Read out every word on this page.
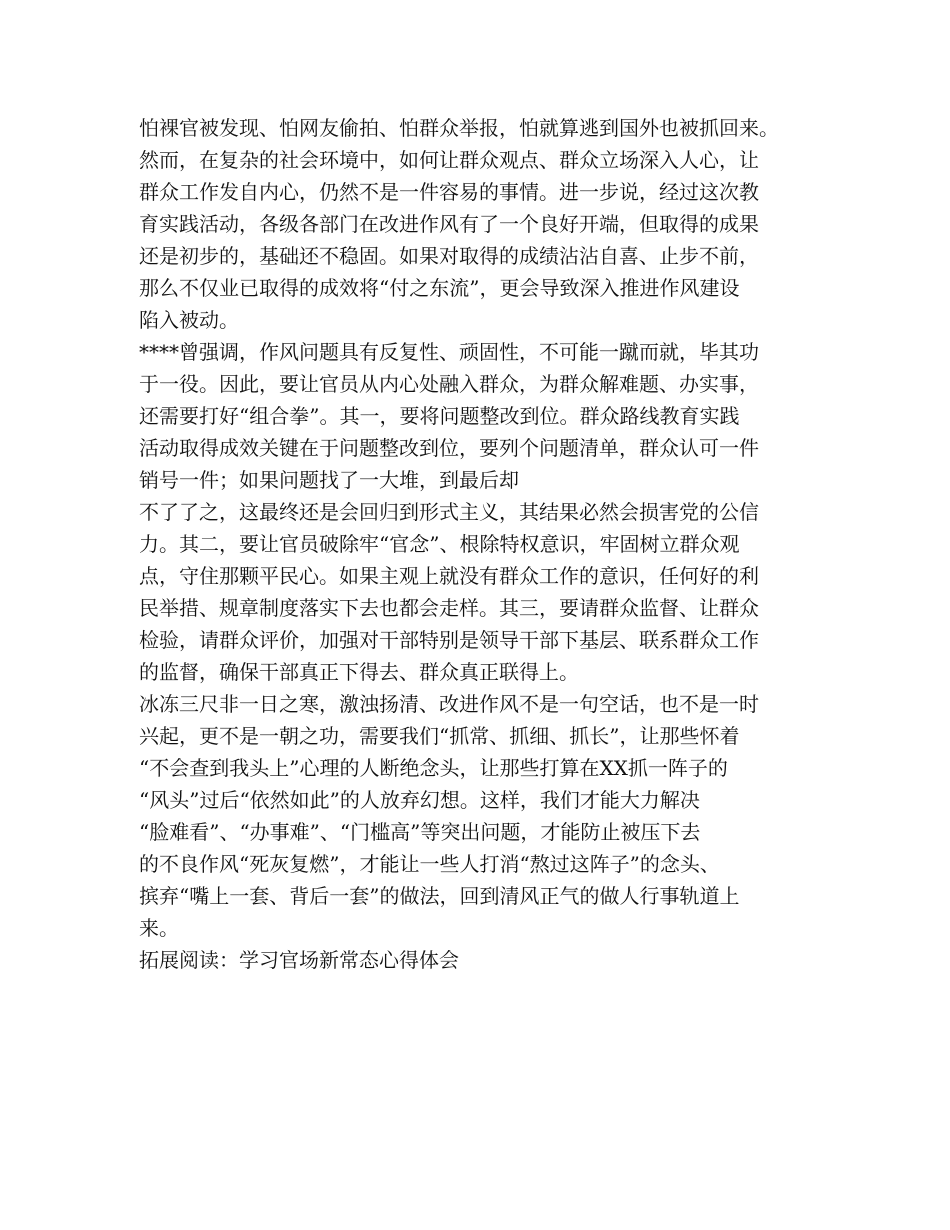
怕裸官被发现、怕网友偷拍、怕群众举报，怕就算逃到国外也被抓回来。
然而，在复杂的社会环境中，如何让群众观点、群众立场深入人心，让
群众工作发自内心，仍然不是一件容易的事情。进一步说，经过这次教
育实践活动，各级各部门在改进作风有了一个良好开端，但取得的成果
还是初步的，基础还不稳固。如果对取得的成绩沾沾自喜、止步不前，
那么不仅业已取得的成效将“付之东流”，更会导致深入推进作风建设
陷入被动。
****曾强调，作风问题具有反复性、顽固性，不可能一蹴而就，毕其功
于一役。因此，要让官员从内心处融入群众，为群众解难题、办实事，
还需要打好“组合拳”。其一，要将问题整改到位。群众路线教育实践
活动取得成效关键在于问题整改到位，要列个问题清单，群众认可一件
销号一件；如果问题找了一大堆，到最后却
不了了之，这最终还是会回归到形式主义，其结果必然会损害党的公信
力。其二，要让官员破除牢“官念”、根除特权意识，牢固树立群众观
点，守住那颗平民心。如果主观上就没有群众工作的意识，任何好的利
民举措、规章制度落实下去也都会走样。其三，要请群众监督、让群众
检验，请群众评价，加强对干部特别是领导干部下基层、联系群众工作
的监督，确保干部真正下得去、群众真正联得上。
冰冻三尺非一日之寒，激浊扬清、改进作风不是一句空话，也不是一时
兴起，更不是一朝之功，需要我们“抓常、抓细、抓长”，让那些怀着
“不会查到我头上”心理的人断绝念头，让那些打算在XX抓一阵子的
“风头”过后“依然如此”的人放弃幻想。这样，我们才能大力解决
“脸难看”、“办事难”、“门槛高”等突出问题，才能防止被压下去
的不良作风“死灰复燃”，才能让一些人打消“熬过这阵子”的念头、
摈弃“嘴上一套、背后一套”的做法，回到清风正气的做人行事轨道上
来。
拓展阅读：学习官场新常态心得体会
